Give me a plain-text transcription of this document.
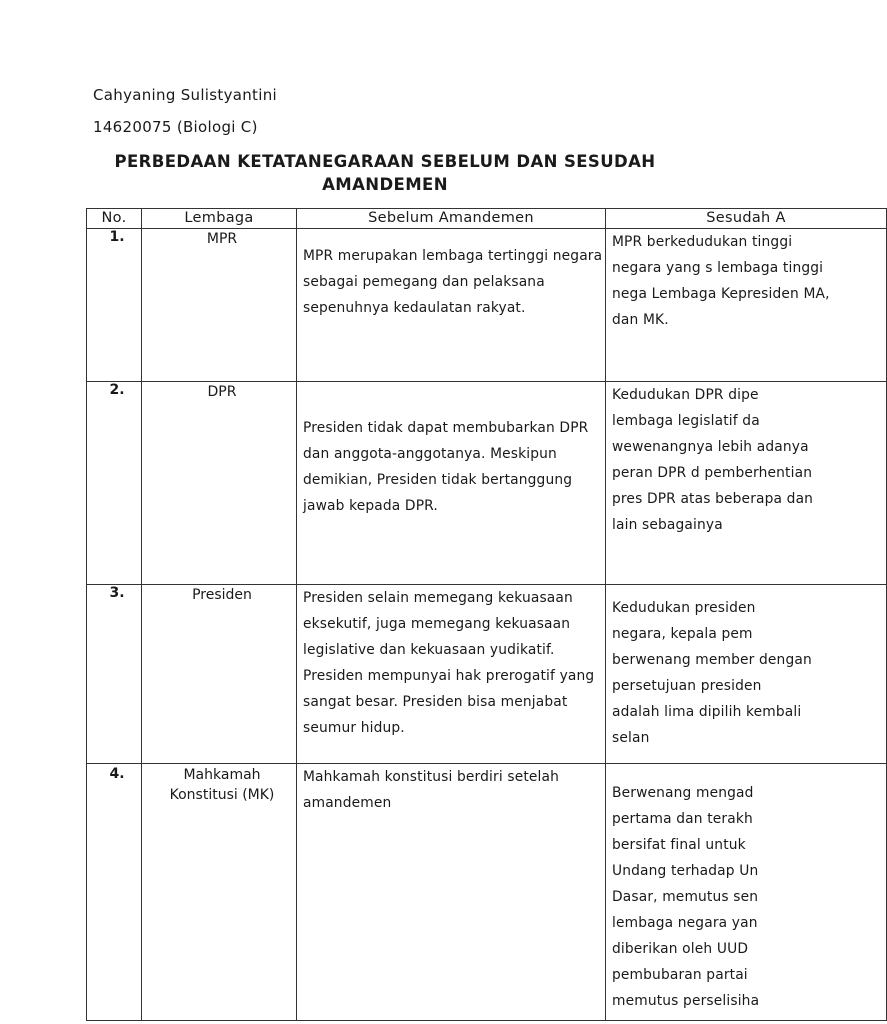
Cahyaning Sulistyantini
14620075 (Biologi C)
PERBEDAAN KETATANEGARAAN SEBELUM DAN SESUDAH
AMANDEMEN
No.	Lembaga	Sebelum Amandemen	Sesudah A
1.	MPR	MPR merupakan lembaga tertinggi negara sebagai pemegang dan pelaksana sepenuhnya kedaulatan rakyat.	MPR berkedudukan tinggi negara yang s lembaga tinggi nega Lembaga Kepresiden MA, dan MK.

2.	DPR	Presiden tidak dapat membubarkan DPR dan anggota-anggotanya. Meskipun demikian, Presiden tidak bertanggung jawab kepada DPR.	Kedudukan DPR dipe lembaga legislatif da wewenangnya lebih adanya peran DPR d pemberhentian pres DPR atas beberapa dan lain sebagainya

3.	Presiden	Presiden selain memegang kekuasaan eksekutif, juga memegang kekuasaan legislative dan kekuasaan yudikatif. Presiden mempunyai hak prerogatif yang sangat besar. Presiden bisa menjabat seumur hidup.	Kedudukan presiden negara, kepala pem berwenang member dengan persetujuan presiden adalah lima dipilih kembali selan

4.	Mahkamah Konstitusi (MK)	Mahkamah konstitusi berdiri setelah amandemen	Berwenang mengad pertama dan terakh bersifat final untuk Undang terhadap Un Dasar, memutus sen lembaga negara yan diberikan oleh UUD pembubaran partai memutus perselisiha
